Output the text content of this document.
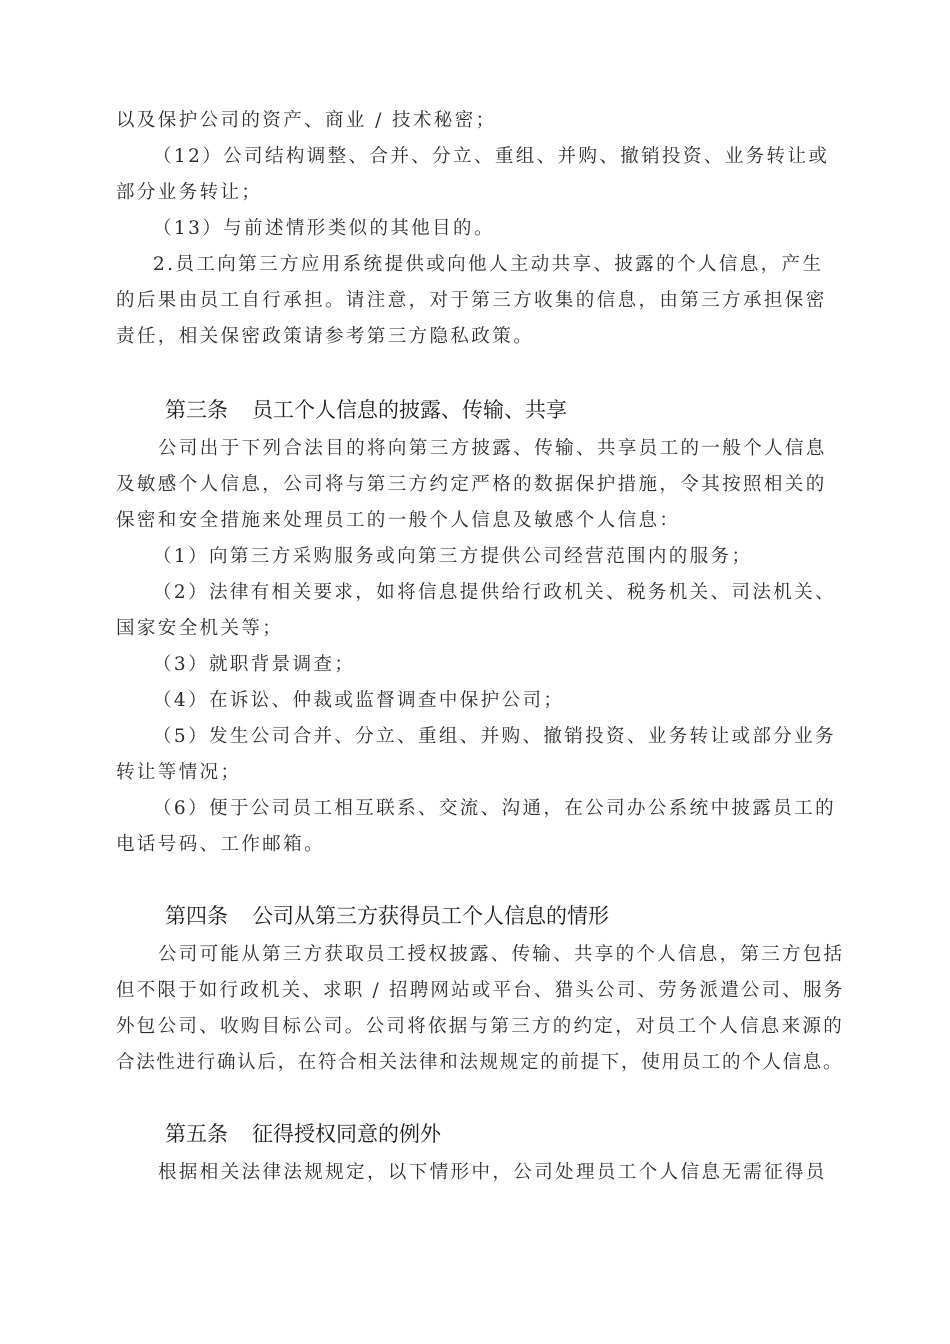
以及保护公司的资产、商业 / 技术秘密；
（12）公司结构调整、合并、分立、重组、并购、撤销投资、业务转让或
部分业务转让；
（13）与前述情形类似的其他目的。
2.员工向第三方应用系统提供或向他人主动共享、披露的个人信息，产生
的后果由员工自行承担。请注意，对于第三方收集的信息，由第三方承担保密
责任，相关保密政策请参考第三方隐私政策。
第三条 员工个人信息的披露、传输、共享
公司出于下列合法目的将向第三方披露、传输、共享员工的一般个人信息
及敏感个人信息，公司将与第三方约定严格的数据保护措施，令其按照相关的
保密和安全措施来处理员工的一般个人信息及敏感个人信息：
（1）向第三方采购服务或向第三方提供公司经营范围内的服务；
（2）法律有相关要求，如将信息提供给行政机关、税务机关、司法机关、
国家安全机关等；
（3）就职背景调查；
（4）在诉讼、仲裁或监督调查中保护公司；
（5）发生公司合并、分立、重组、并购、撤销投资、业务转让或部分业务
转让等情况；
（6）便于公司员工相互联系、交流、沟通，在公司办公系统中披露员工的
电话号码、工作邮箱。
第四条 公司从第三方获得员工个人信息的情形
公司可能从第三方获取员工授权披露、传输、共享的个人信息，第三方包括
但不限于如行政机关、求职 / 招聘网站或平台、猎头公司、劳务派遣公司、服务
外包公司、收购目标公司。公司将依据与第三方的约定，对员工个人信息来源的
合法性进行确认后，在符合相关法律和法规规定的前提下，使用员工的个人信息。
第五条 征得授权同意的例外
根据相关法律法规规定，以下情形中，公司处理员工个人信息无需征得员
